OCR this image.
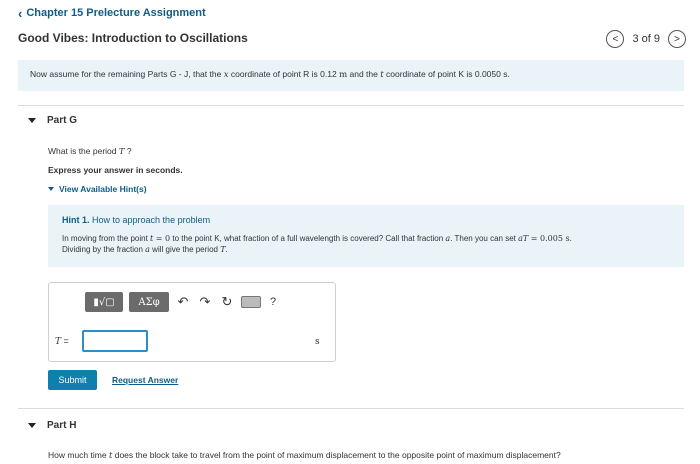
‹ Chapter 15 Prelecture Assignment
Good Vibes: Introduction to Oscillations	< 3 of 9 >
Now assume for the remaining Parts G - J, that the x coordinate of point R is 0.12 m and the t coordinate of point K is 0.0050 s.
Part G
What is the period T ?
Express your answer in seconds.
View Available Hint(s)
Hint 1. How to approach the problem
In moving from the point t = 0 to the point K, what fraction of a full wavelength is covered? Call that fraction a. Then you can set aT = 0.005 s.
Dividing by the fraction a will give the period T.
▮√▢	ΑΣφ	↶ ↷ ↻	?
T =	s
Submit	Request Answer
Part H
How much time t does the block take to travel from the point of maximum displacement to the opposite point of maximum displacement?
